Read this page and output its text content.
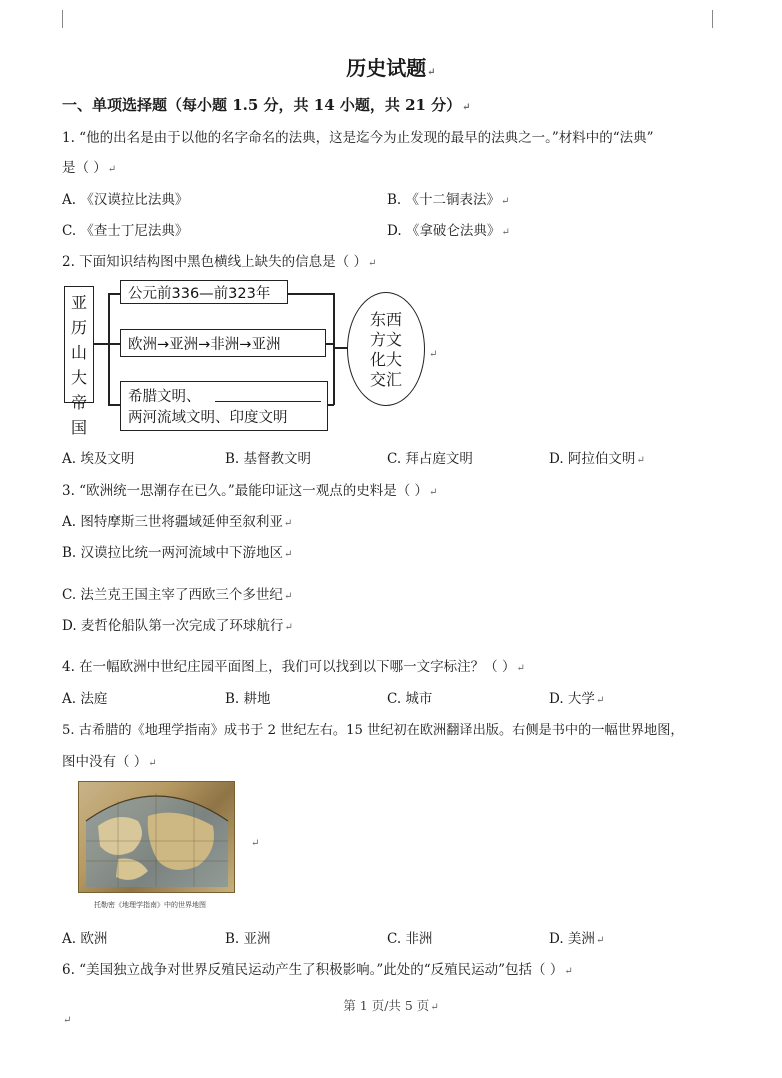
历史试题↵
一、单项选择题（每小题 1.5 分，共 14 小题，共 21 分）↵
1. “他的出名是由于以他的名字命名的法典，这是迄今为止发现的最早的法典之一。”材料中的“法典”
是（ ）↵
A. 《汉谟拉比法典》	B. 《十二铜表法》↵
C. 《查士丁尼法典》	D. 《拿破仑法典》↵
2. 下面知识结构图中黑色横线上缺失的信息是（ ）↵
亚历山大帝国
公元前336—前323年
欧洲→亚洲→非洲→亚洲
希腊文明、
两河流域文明、印度文明
东西方文化大交汇
↵
A. 埃及文明	B. 基督教文明	C. 拜占庭文明	D. 阿拉伯文明↵
3. “欧洲统一思潮存在已久。”最能印证这一观点的史料是（ ）↵
A. 图特摩斯三世将疆域延伸至叙利亚↵
B. 汉谟拉比统一两河流域中下游地区↵
C. 法兰克王国主宰了西欧三个多世纪↵
D. 麦哲伦船队第一次完成了环球航行↵
4. 在一幅欧洲中世纪庄园平面图上，我们可以找到以下哪一文字标注？（ ）↵
A. 法庭	B. 耕地	C. 城市	D. 大学↵
5. 古希腊的《地理学指南》成书于 2 世纪左右。15 世纪初在欧洲翻译出版。右侧是书中的一幅世界地图，
图中没有（ ）↵
↵
托勒密《地理学指南》中的世界地图
A. 欧洲	B. 亚洲	C. 非洲	D. 美洲↵
6. “美国独立战争对世界反殖民运动产生了积极影响。”此处的“反殖民运动”包括（ ）↵
第 1 页/共 5 页↵
↵
